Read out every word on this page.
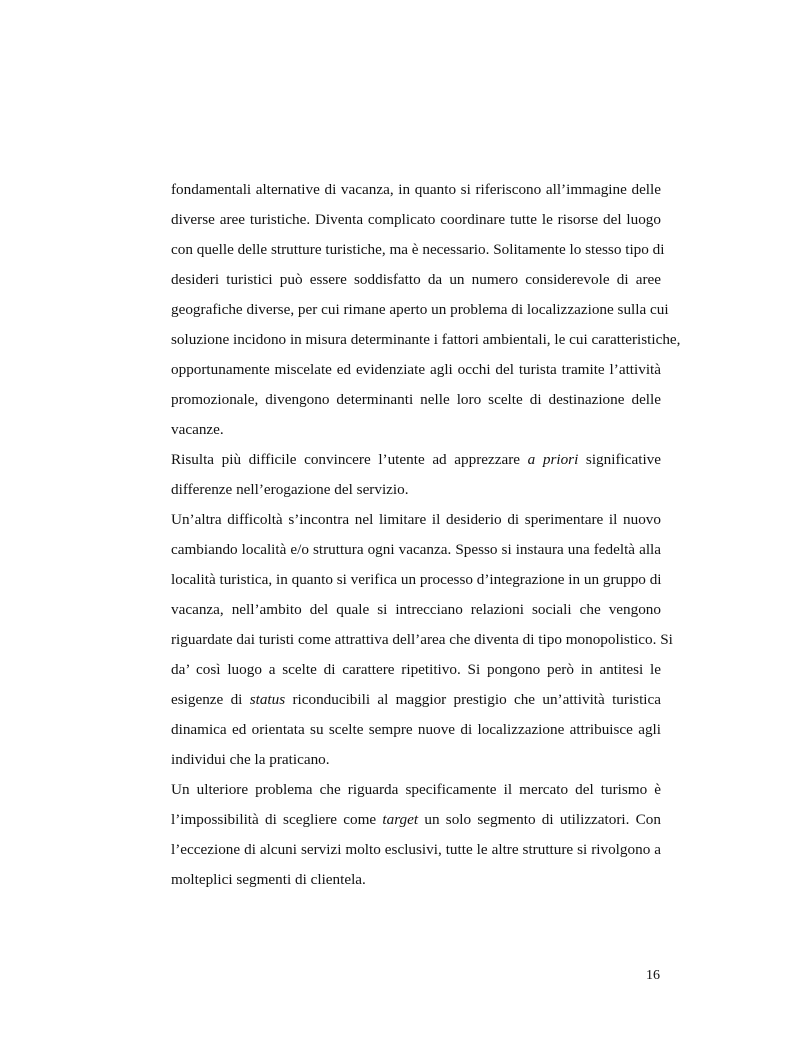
fondamentali alternative di vacanza, in quanto si riferiscono all’immagine delle
diverse aree turistiche. Diventa complicato coordinare tutte le risorse del luogo
con quelle delle strutture turistiche, ma è necessario. Solitamente lo stesso tipo di
desideri turistici può essere soddisfatto da un numero considerevole di aree
geografiche diverse, per cui rimane aperto un problema di localizzazione sulla cui
soluzione incidono in misura determinante i fattori ambientali, le cui caratteristiche,
opportunamente miscelate ed evidenziate agli occhi del turista tramite l’attività
promozionale, divengono determinanti nelle loro scelte di destinazione delle
vacanze.
Risulta più difficile convincere l’utente ad apprezzare a priori significative
differenze nell’erogazione del servizio.
Un’altra difficoltà s’incontra nel limitare il desiderio di sperimentare il nuovo
cambiando località e/o struttura ogni vacanza. Spesso si instaura una fedeltà alla
località turistica, in quanto si verifica un processo d’integrazione in un gruppo di
vacanza, nell’ambito del quale si intrecciano relazioni sociali che vengono
riguardate dai turisti come attrattiva dell’area che diventa di tipo monopolistico. Si
da’ così luogo a scelte di carattere ripetitivo. Si pongono però in antitesi le
esigenze di status riconducibili al maggior prestigio che un’attività turistica
dinamica ed orientata su scelte sempre nuove di localizzazione attribuisce agli
individui che la praticano.
Un ulteriore problema che riguarda specificamente il mercato del turismo è
l’impossibilità di scegliere come target un solo segmento di utilizzatori. Con
l’eccezione di alcuni servizi molto esclusivi, tutte le altre strutture si rivolgono a
molteplici segmenti di clientela.
16
